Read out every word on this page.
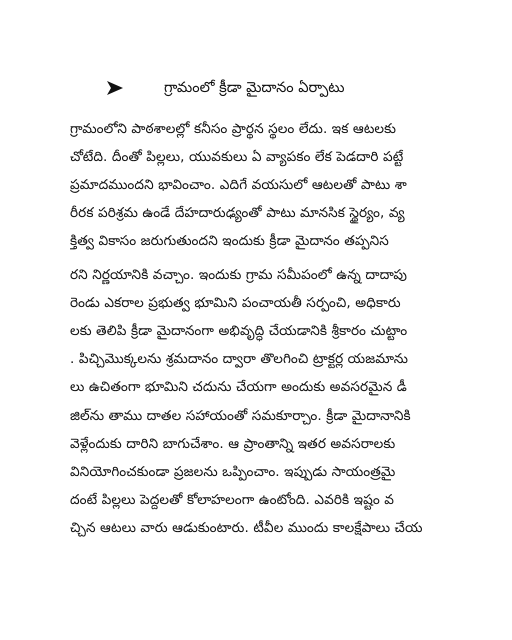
గ్రామంలో క్రీడా మైదానం ఏర్పాటు
గ్రామంలోని పాఠశాలల్లో కనీసం ప్రార్థన స్థలం లేదు. ఇక ఆటలకు
చోటేది. దీంతో పిల్లలు, యువకులు ఏ వ్యాపకం లేక పెడదారి పట్టే
ప్రమాదముందని భావించాం. ఎదిగే వయసులో ఆటలతో పాటు శా
రీరక పరిశ్రమ ఉండే దేహదారుఢ్యంతో పాటు మానసిక స్థైర్యం, వ్య
క్తిత్వ వికాసం జరుగుతుందని ఇందుకు క్రీడా మైదానం తప్పనిస
రని నిర్ణయానికి వచ్చాం. ఇందుకు గ్రామ సమీపంలో ఉన్న దాదాపు
రెండు ఎకరాల ప్రభుత్వ భూమిని పంచాయతీ సర్పంచి, అధికారు
లకు తెలిపి క్రీడా మైదానంగా అభివృద్ధి చేయడానికి శ్రీకారం చుట్టాం
. పిచ్చిమొక్కలను శ్రమదానం ద్వారా తొలగించి ట్రాక్టర్ల యజమాను
లు ఉచితంగా భూమిని చదును చేయగా అందుకు అవసరమైన డీ
జిల్‌ను తాము దాతల సహాయంతో సమకూర్చాం. క్రీడా మైదానానికి
వెళ్లేందుకు దారిని బాగుచేశాం. ఆ ప్రాంతాన్ని ఇతర అవసరాలకు
వినియోగించకుండా ప్రజలను ఒప్పించాం. ఇప్పుడు సాయంత్రమై
దంటే పిల్లలు పెద్దలతో కోలాహలంగా ఉంటోంది. ఎవరికి ఇష్టం వ
చ్చిన ఆటలు వారు ఆడుకుంటారు. టీవీల ముందు కాలక్షేపాలు చేయ
